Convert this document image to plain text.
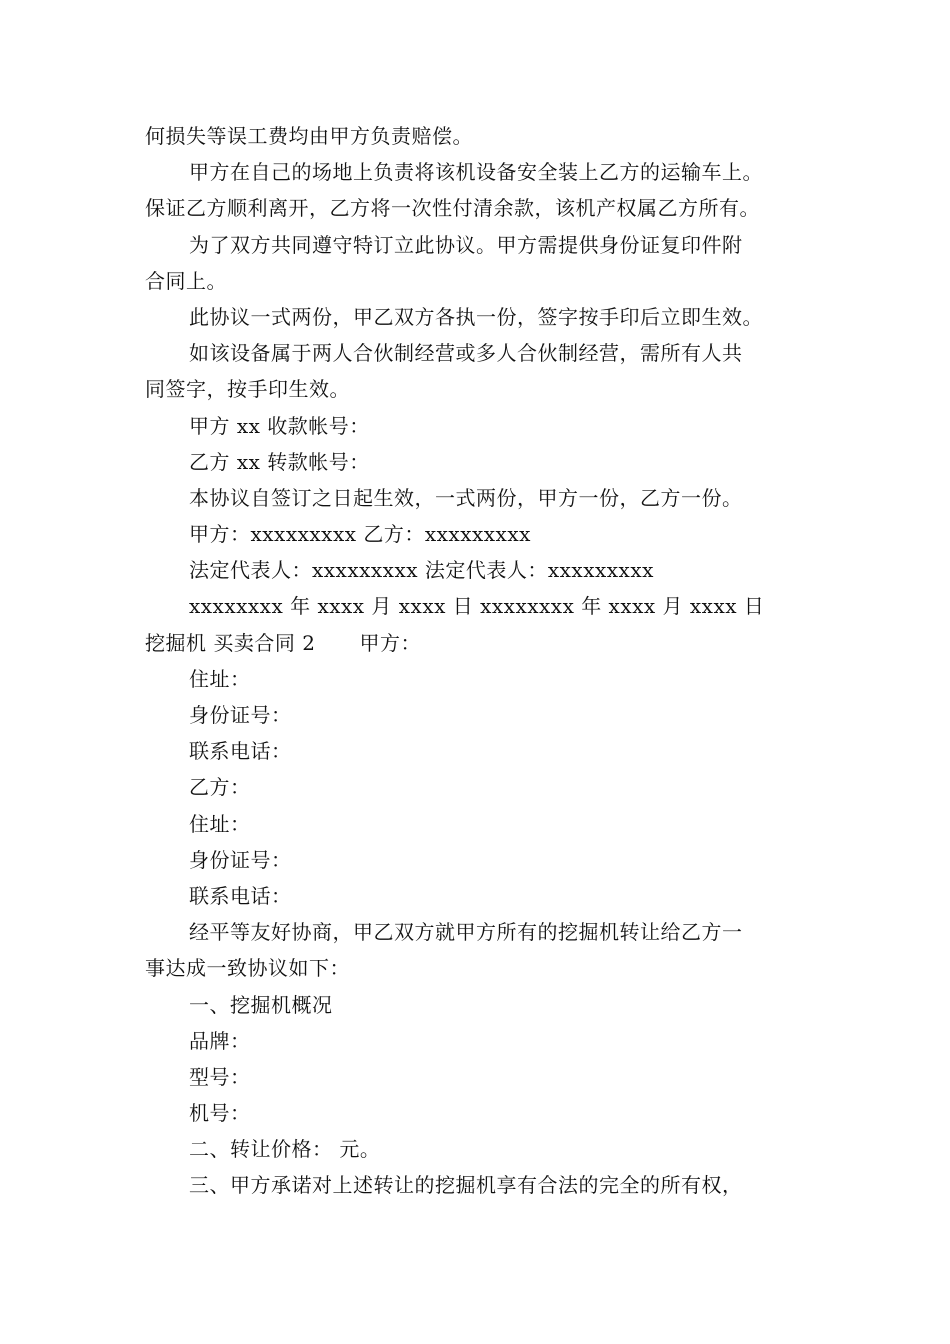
何损失等误工费均由甲方负责赔偿。
甲方在自己的场地上负责将该机设备安全装上乙方的运输车上。
保证乙方顺利离开，乙方将一次性付清余款，该机产权属乙方所有。
为了双方共同遵守特订立此协议。甲方需提供身份证复印件附
合同上。
此协议一式两份，甲乙双方各执一份，签字按手印后立即生效。
如该设备属于两人合伙制经营或多人合伙制经营，需所有人共
同签字，按手印生效。
甲方 xx 收款帐号：
乙方 xx 转款帐号：
本协议自签订之日起生效，一式两份，甲方一份，乙方一份。
甲方：xxxxxxxxx 乙方：xxxxxxxxx
法定代表人：xxxxxxxxx 法定代表人：xxxxxxxxx
xxxxxxxx 年 xxxx 月 xxxx 日 xxxxxxxx 年 xxxx 月 xxxx 日
挖掘机 买卖合同 2 甲方：
住址：
身份证号：
联系电话：
乙方：
住址：
身份证号：
联系电话：
经平等友好协商，甲乙双方就甲方所有的挖掘机转让给乙方一
事达成一致协议如下：
一、挖掘机概况
品牌：
型号：
机号：
二、转让价格： 元。
三、甲方承诺对上述转让的挖掘机享有合法的完全的所有权，
